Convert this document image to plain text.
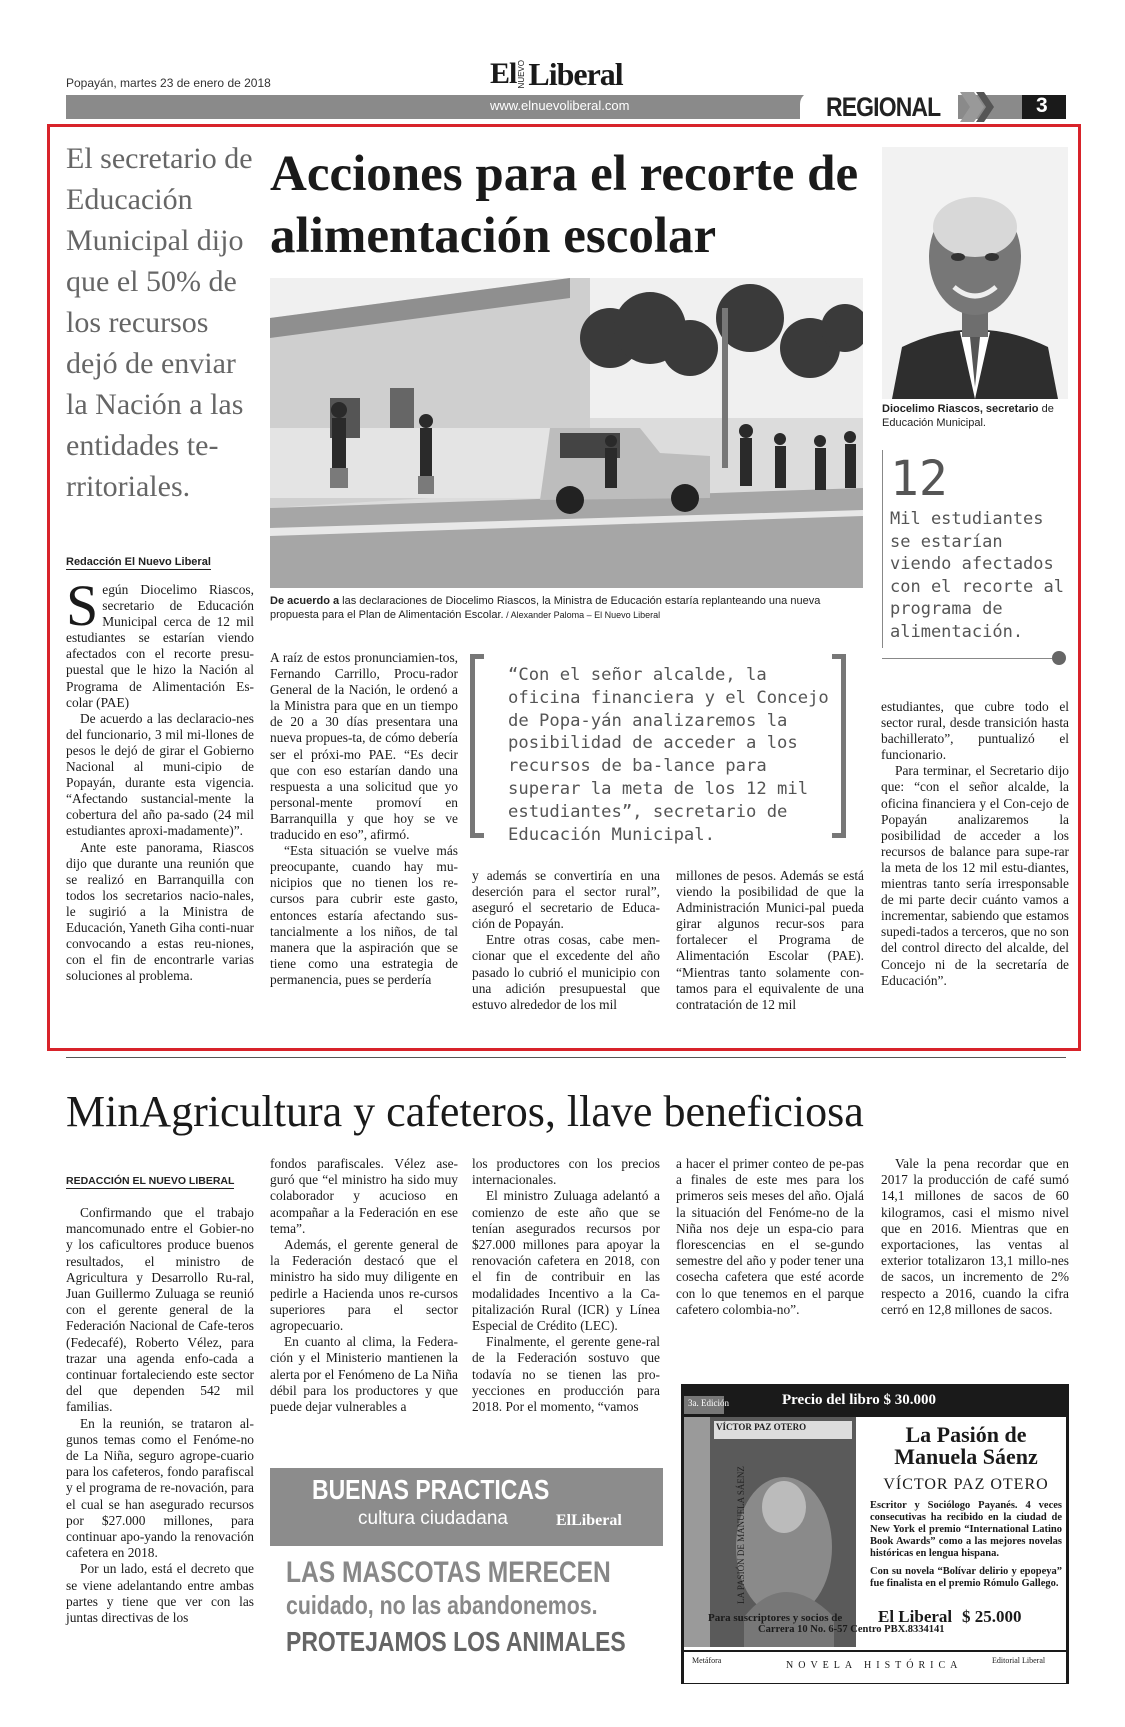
Popayán, martes 23 de enero de 2018	El NUEVO Liberal
www.elnuevoliberal.com	REGIONAL	3
El secretario de Educación Municipal dijo que el 50% de los recursos dejó de enviar la Nación a las entidades te-rritoriales.
Redacción El Nuevo Liberal
S egún Diocelimo Riascos, secretario de Educación Municipal cerca de 12 mil estudiantes se estarían viendo afectados con el recorte presu-puestal que le hizo la Nación al Programa de Alimentación Es-colar (PAE)

De acuerdo a las declaracio-nes del funcionario, 3 mil mi-llones de pesos le dejó de girar el Gobierno Nacional al muni-cipio de Popayán, durante esta vigencia. “Afectando sustancial-mente la cobertura del año pa-sado (24 mil estudiantes aproxi-madamente)”.

Ante este panorama, Riascos dijo que durante una reunión que se realizó en Barranquilla con todos los secretarios nacio-nales, le sugirió a la Ministra de Educación, Yaneth Giha conti-nuar convocando a estas reu-niones, con el fin de encontrarle varias soluciones al problema.

Acciones para el recorte de alimentación escolar
De acuerdo a las declaraciones de Diocelimo Riascos, la Ministra de Educación estaría replanteando una nueva propuesta para el Plan de Alimentación Escolar. / Alexander Paloma – El Nuevo Liberal
Diocelimo Riascos, secretario de Educación Municipal.
12
Mil estudiantes se estarían viendo afectados con el recorte al programa de alimentación.
“Con el señor alcalde, la oficina financiera y el Concejo de Popa-yán analizaremos la posibilidad de acceder a los recursos de ba-lance para superar la meta de los 12 mil estudiantes”, secretario de Educación Municipal.

A raíz de estos pronunciamien-tos, Fernando Carrillo, Procu-rador General de la Nación, le ordenó a la Ministra para que en un tiempo de 20 a 30 días presentara una nueva propues-ta, de cómo debería ser el próxi-mo PAE. “Es decir que con eso estarían dando una respuesta a una solicitud que yo personal-mente promoví en Barranquilla y que hoy se ve traducido en eso”, afirmó.

“Esta situación se vuelve más preocupante, cuando hay mu-nicipios que no tienen los re-cursos para cubrir este gasto, entonces estaría afectando sus-tancialmente a los niños, de tal manera que la aspiración que se tiene como una estrategia de permanencia, pues se perdería

y además se convertiría en una deserción para el sector rural”, aseguró el secretario de Educa-ción de Popayán.

Entre otras cosas, cabe men-cionar que el excedente del año pasado lo cubrió el municipio con una adición presupuestal que estuvo alrededor de los mil

millones de pesos. Además se está viendo la posibilidad de que la Administración Munici-pal pueda girar algunos recur-sos para fortalecer el Programa de Alimentación Escolar (PAE). “Mientras tanto solamente con-tamos para el equivalente de una contratación de 12 mil

estudiantes, que cubre todo el sector rural, desde transición hasta bachillerato”, puntualizó el funcionario.

Para terminar, el Secretario dijo que: “con el señor alcalde, la oficina financiera y el Con-cejo de Popayán analizaremos la posibilidad de acceder a los recursos de balance para supe-rar la meta de los 12 mil estu-diantes, mientras tanto sería irresponsable de mi parte decir cuánto vamos a incrementar, sabiendo que estamos supedi-tados a terceros, que no son del control directo del alcalde, del Concejo ni de la secretaría de Educación”.

MinAgricultura y cafeteros, llave beneficiosa
REDACCIÓN EL NUEVO LIBERAL

Confirmando que el trabajo mancomunado entre el Gobier-no y los caficultores produce buenos resultados, el ministro de Agricultura y Desarrollo Ru-ral, Juan Guillermo Zuluaga se reunió con el gerente general de la Federación Nacional de Cafe-teros (Fedecafé), Roberto Vélez, para trazar una agenda enfo-cada a continuar fortaleciendo este sector del que dependen 542 mil familias.

En la reunión, se trataron al-gunos temas como el Fenóme-no de La Niña, seguro agrope-cuario para los cafeteros, fondo parafiscal y el programa de re-novación, para el cual se han asegurado recursos por $27.000 millones, para continuar apo-yando la renovación cafetera en 2018.

Por un lado, está el decreto que se viene adelantando entre ambas partes y tiene que ver con las juntas directivas de los

fondos parafiscales. Vélez ase-guró que “el ministro ha sido muy colaborador y acucioso en acompañar a la Federación en ese tema”.

Además, el gerente general de la Federación destacó que el ministro ha sido muy diligente en pedirle a Hacienda unos re-cursos superiores para el sector agropecuario.

En cuanto al clima, la Federa-ción y el Ministerio mantienen la alerta por el Fenómeno de La Niña débil para los productores y que puede dejar vulnerables a

los productores con los precios internacionales.

El ministro Zuluaga adelantó a comienzo de este año que se tenían asegurados recursos por $27.000 millones para apoyar la renovación cafetera en 2018, con el fin de contribuir en las modalidades Incentivo a la Ca-pitalización Rural (ICR) y Línea Especial de Crédito (LEC).

Finalmente, el gerente gene-ral de la Federación sostuvo que todavía no se tienen las pro-yecciones en producción para 2018. Por el momento, “vamos

a hacer el primer conteo de pe-pas a finales de este mes para los primeros seis meses del año. Ojalá la situación del Fenóme-no de la Niña nos deje un espa-cio para florescencias en el se-gundo semestre del año y poder tener una cosecha cafetera que esté acorde con lo que tenemos en el parque cafetero colombia-no”.

Vale la pena recordar que en 2017 la producción de café sumó 14,1 millones de sacos de 60 kilogramos, casi el mismo nivel que en 2016. Mientras que en exportaciones, las ventas al exterior totalizaron 13,1 millo-nes de sacos, un incremento de 2% respecto a 2016, cuando la cifra cerró en 12,8 millones de sacos.

BUENAS PRACTICAS
cultura ciudadana	ElLiberal
LAS MASCOTAS MERECEN
cuidado, no las abandonemos.
PROTEJAMOS LOS ANIMALES
3a. Edición	Precio del libro $ 30.000
VÍCTOR PAZ OTERO
LA PASIÓN DE MANUELA SÁENZ
La Pasión de Manuela Sáenz
VÍCTOR PAZ OTERO

Escritor y Sociólogo Payanés. 4 veces consecutivas ha recibido en la ciudad de New York el premio “International Latino Book Awards” como a las mejores novelas históricas en lengua hispana.

Con su novela “Bolívar delirio y epopeya” fue finalista en el premio Rómulo Gallego.

Para suscriptores y socios de El Liberal $ 25.000
Carrera 10 No. 6-57 Centro PBX.8334141
Metáfora	NOVELA HISTÓRICA	Editorial Liberal
